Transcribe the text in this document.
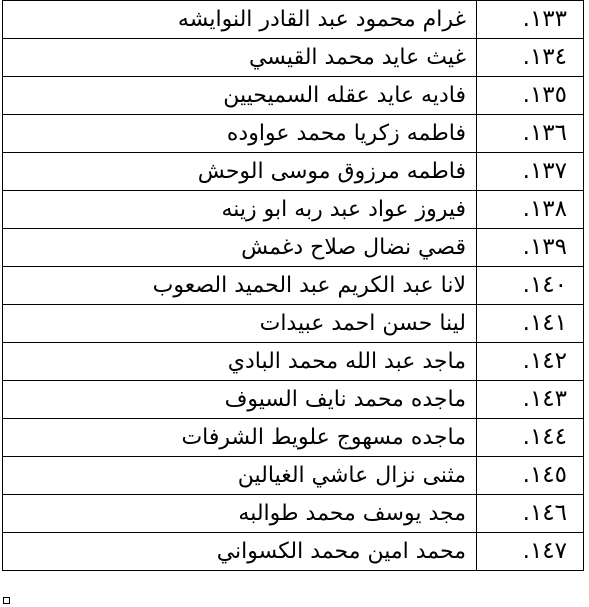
١٣٣.	غرام محمود عبد القادر النوايشه
١٣٤.	غيث عايد محمد القيسي
١٣٥.	فاديه عايد عقله السميحيين
١٣٦.	فاطمه زكريا محمد عواوده
١٣٧.	فاطمه مرزوق موسى الوحش
١٣٨.	فيروز عواد عبد ربه ابو زينه
١٣٩.	قصي نضال صلاح دغمش
١٤٠.	لانا عبد الكريم عبد الحميد الصعوب
١٤١.	لينا حسن احمد عبيدات
١٤٢.	ماجد عبد الله محمد البادي
١٤٣.	ماجده محمد نايف السيوف
١٤٤.	ماجده مسهوج علويط الشرفات
١٤٥.	مثنى نزال عاشي الغيالين
١٤٦.	مجد يوسف محمد طوالبه
١٤٧.	محمد امين محمد الكسواني
